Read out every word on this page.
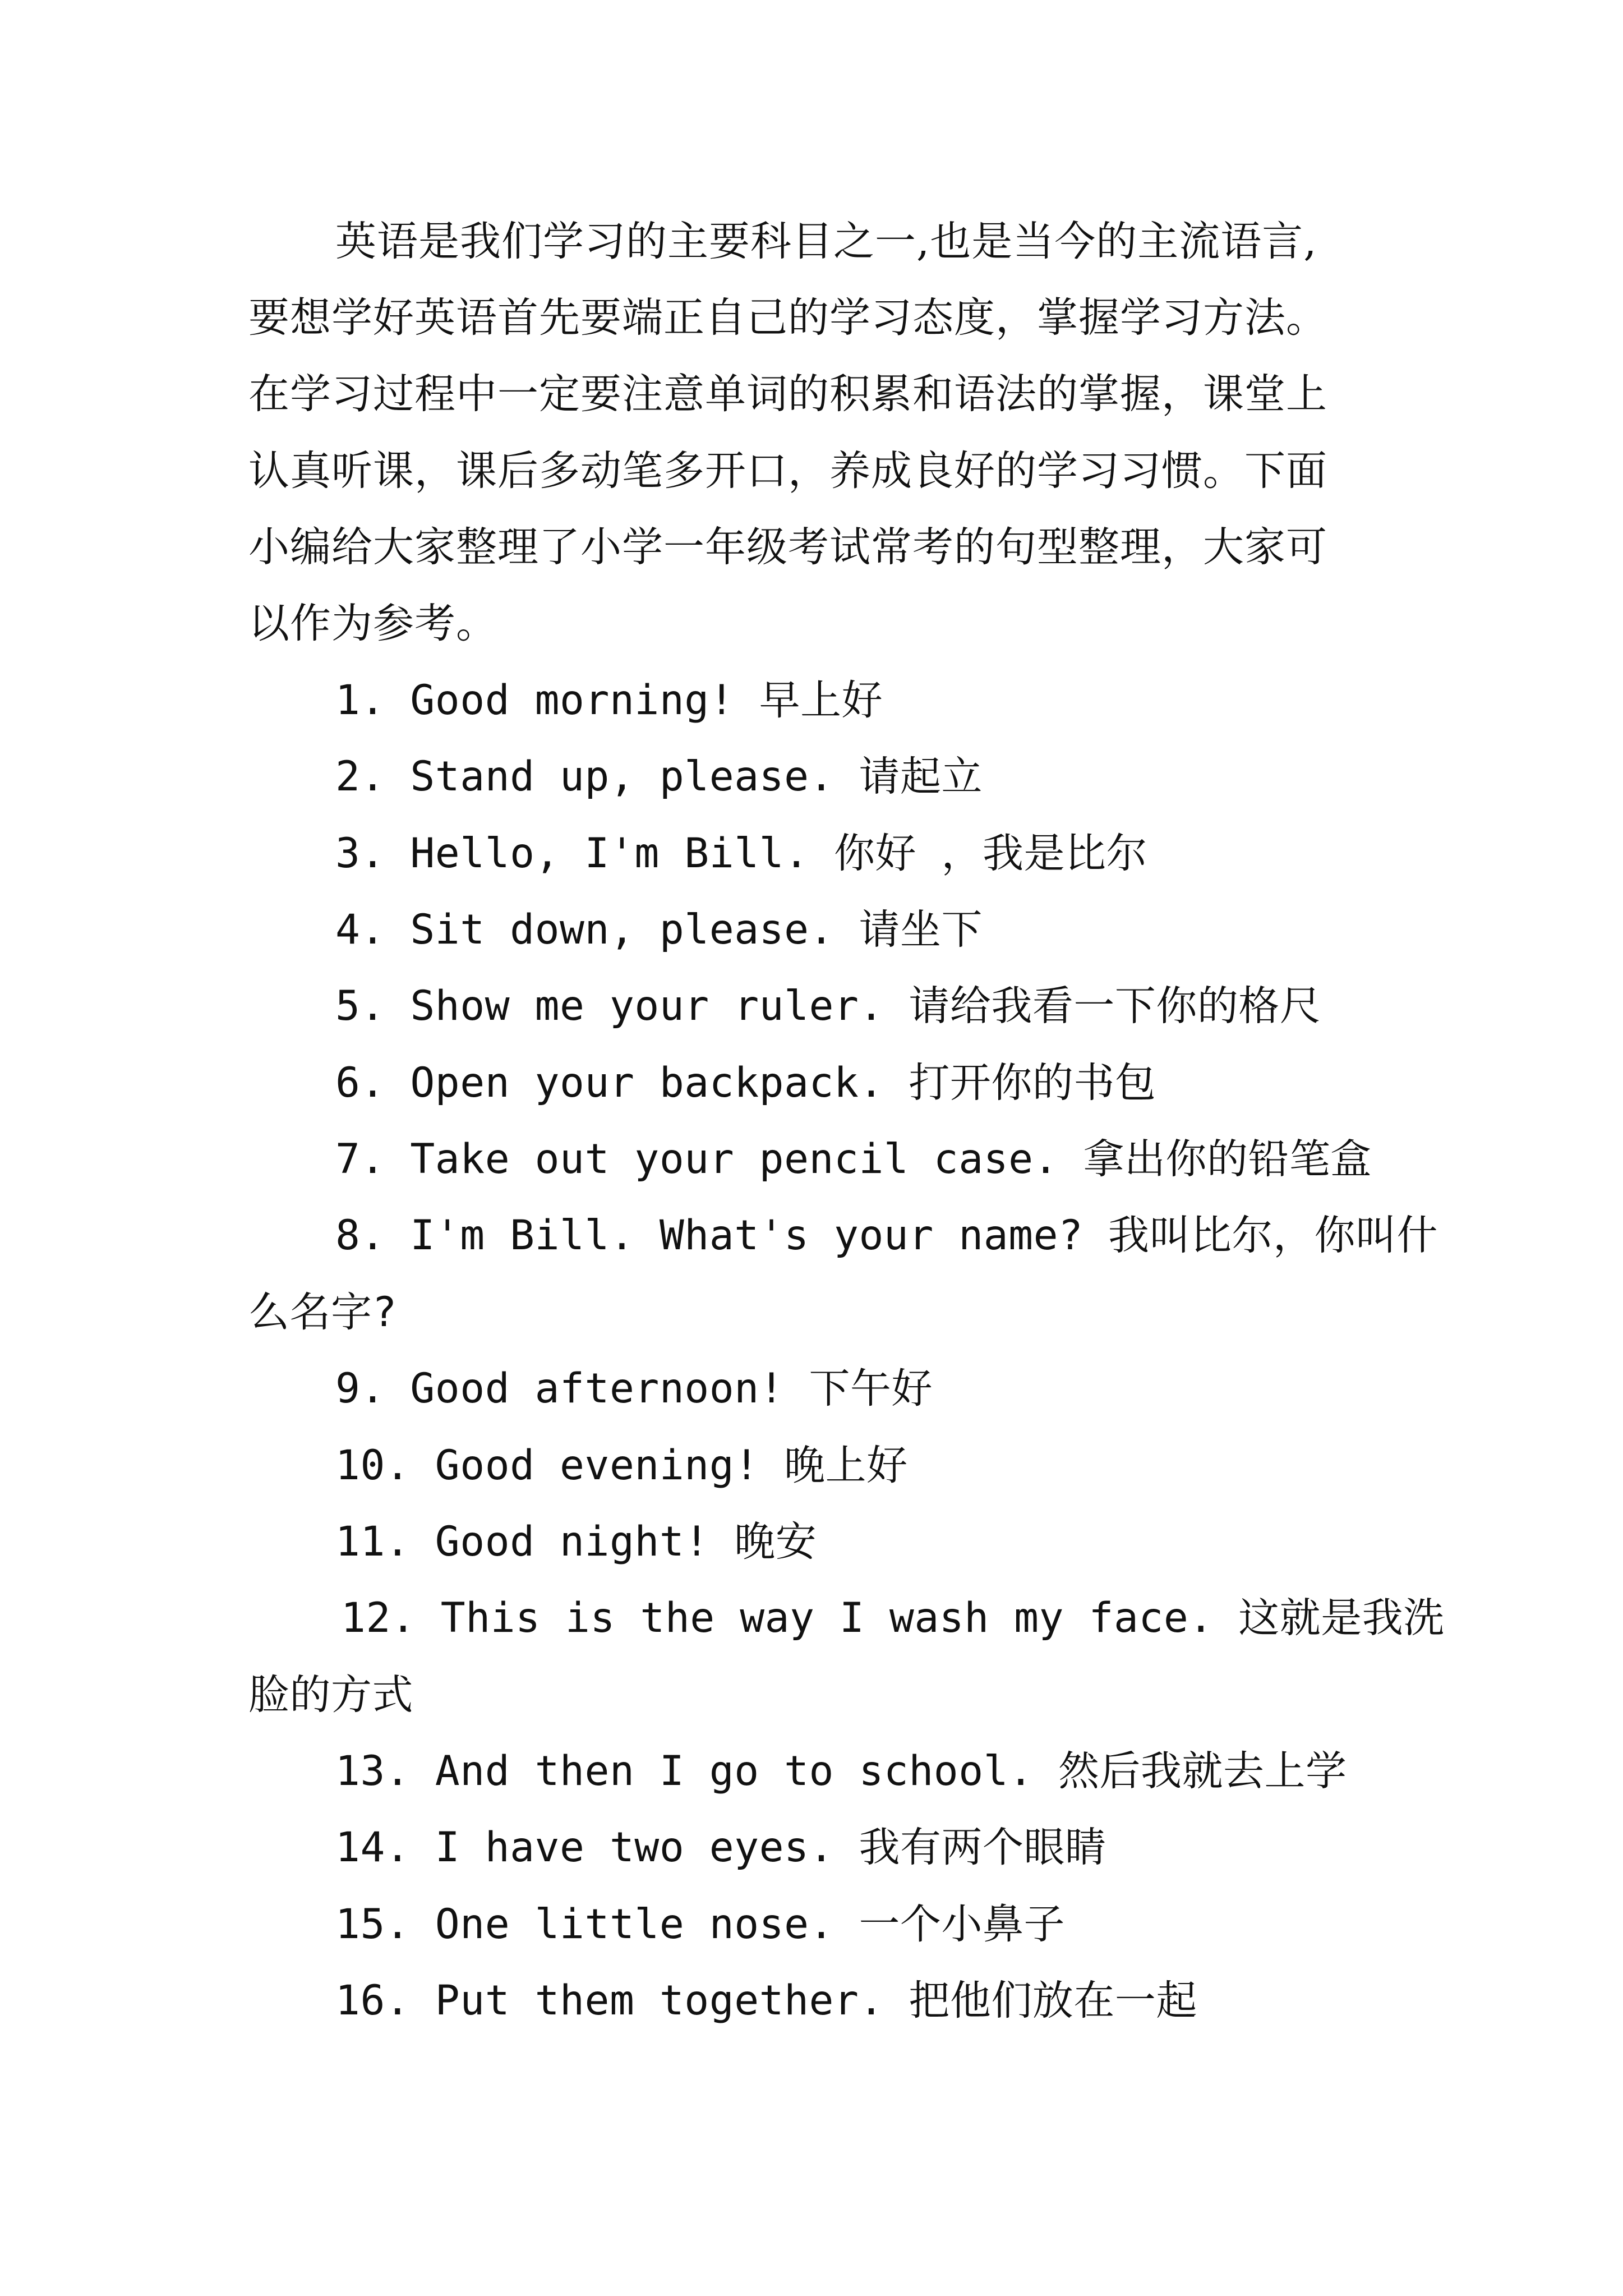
英语是我们学习的主要科目之一,也是当今的主流语言,
要想学好英语首先要端正自己的学习态度，掌握学习方法。
在学习过程中一定要注意单词的积累和语法的掌握，课堂上
认真听课，课后多动笔多开口，养成良好的学习习惯。下面
小编给大家整理了小学一年级考试常考的句型整理，大家可
以作为参考。
1. Good morning! 早上好
2. Stand up, please. 请起立
3. Hello, I'm Bill. 你好 ，我是比尔
4. Sit down, please. 请坐下
5. Show me your ruler. 请给我看一下你的格尺
6. Open your backpack. 打开你的书包
7. Take out your pencil case. 拿出你的铅笔盒
8. I'm Bill. What's your name? 我叫比尔，你叫什
么名字?
9. Good afternoon! 下午好
10. Good evening! 晚上好
11. Good night! 晚安
12. This is the way I wash my face. 这就是我洗
脸的方式
13. And then I go to school. 然后我就去上学
14. I have two eyes. 我有两个眼睛
15. One little nose. 一个小鼻子
16. Put them together. 把他们放在一起
